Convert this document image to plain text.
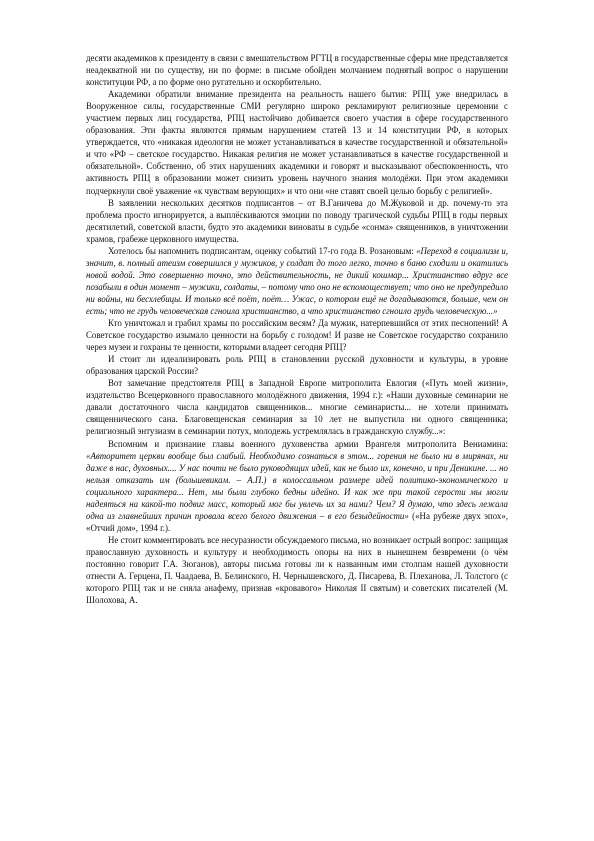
десяти академиков к президенту в связи с вмешательством РГТЦ в государственные сферы мне представляется неадекватной ни по существу, ни по форме: в письме обойден молчанием поднятый вопрос о нарушении конституции РФ, а по форме оно ругательно и оскорбительно.

Академики обратили внимание президента на реальность нашего бытия: РПЦ уже внедрилась в Вооруженное силы, государственные СМИ регулярно широко рекламируют религиозные церемонии с участием первых лиц государства, РПЦ настойчиво добивается своего участия в сфере государственного образования. Эти факты являются прямым нарушением статей 13 и 14 конституции РФ, в которых утверждается, что «никакая идеология не может устанавливаться в качестве государственной и обязательной» и что «РФ – светское государство. Никакая религия не может устанавливаться в качестве государственной и обязательной». Собственно, об этих нарушениях академики и говорят и высказывают обеспокоенность, что активность РПЦ в образовании может снизить уровень научного знания молодёжи. При этом академики подчеркнули своё уважение «к чувствам верующих» и что они «не ставят своей целью борьбу с религией».

В заявлении нескольких десятков подписантов – от В.Ганичева до М.Жуковой и др. почему-то эта проблема просто игнорируется, а выплёскиваются эмоции по поводу трагической судьбы РПЦ в годы первых десятилетий, советской власти, будто это академики виноваты в судьбе «сонма» священников, в уничтожении храмов, грабеже церковного имущества.

Хотелось бы напомнить подписантам, оценку событий 17-го года В. Розановым: «Переход в социализм и, значит, в. полный атеизм совершился у мужиков, у солдат до того легко, точно в баню сходили и окатились новой водой. Это совершенно точно, это действительность, не дикий кошмар... Христианство вдруг все позабыли в один момент – мужики, солдаты, – потому что оно не вспомоществует; что оно не предупредило ни войны, ни бесхлебицы. И только всё поёт, поёт… Ужас, о котором ещё не догадываются, больше, чем он есть; что не грудь человеческая сгноила христианство, а что христианство сгноило грудь человеческую...»

Кто уничтожал и грабил храмы по российским весям? Да мужик, натерпевшийся от этих песнопений! А Советское государство изымало ценности на борьбу с голодом! И разве не Советское государство сохранило через музеи и гохраны те ценности, которыми владеет сегодня РПЦ?

И стоит ли идеализировать роль РПЦ в становлении русской духовности и культуры, в уровне образования царской России?

Вот замечание предстоятеля РПЦ в Западной Европе митрополита Евлогия («Путь моей жизни», издательство Всецерковного православного молодёжного движения, 1994 г.): «Наши духовные семинарии не давали достаточного числа кандидатов священников... многие семинаристы... не хотели принимать священнического сана. Благовещенская семинария за 10 лет не выпустила ни одного священника; религиозный энтузиазм в семинарии потух, молодежь устремлялась в гражданскую службу...»:

Вспомним и признание главы военного духовенства армии Врангеля митрополита Вениамина: «Авторитет церкви вообще был слабый. Необходимо сознаться в этом... горения не было ни в мирянах, ни даже в нас, духовных.... У нас почти не было руководящих идей, как не было их, конечно, и при Деникине. ... но нельзя отказать им (большевикам. – А.П.) в колоссальном размере идей политико-экономического и социального характера... Нет, мы были глубоко бедны идейно. И как же при такой серости мы могли надеяться на какой-то подвиг масс, который мог бы увлечь их за нами? Чем? Я думаю, что здесь лежала одна из главнейших причин провала всего белого движения – в его безыдейности» («На рубеже двух эпох», «Отчий дом», 1994 г.).

Не стоит комментировать все несуразности обсуждаемого письма, но возникает острый вопрос: защищая православную духовность и культуру и необходимость опоры на них в нынешнем безвремени (о чём постоянно говорит Г.А. Зюганов), авторы письма готовы ли к названным ими столпам нашей духовности отнести А. Герцена, П. Чаадаева, В. Белинского, Н. Чернышевского, Д. Писарева, В. Плеханова, Л. Толстого (с которого РПЦ так и не сняла анафему, признав «кровавого» Николая II святым) и советских писателей (М. Шолохова, А.
